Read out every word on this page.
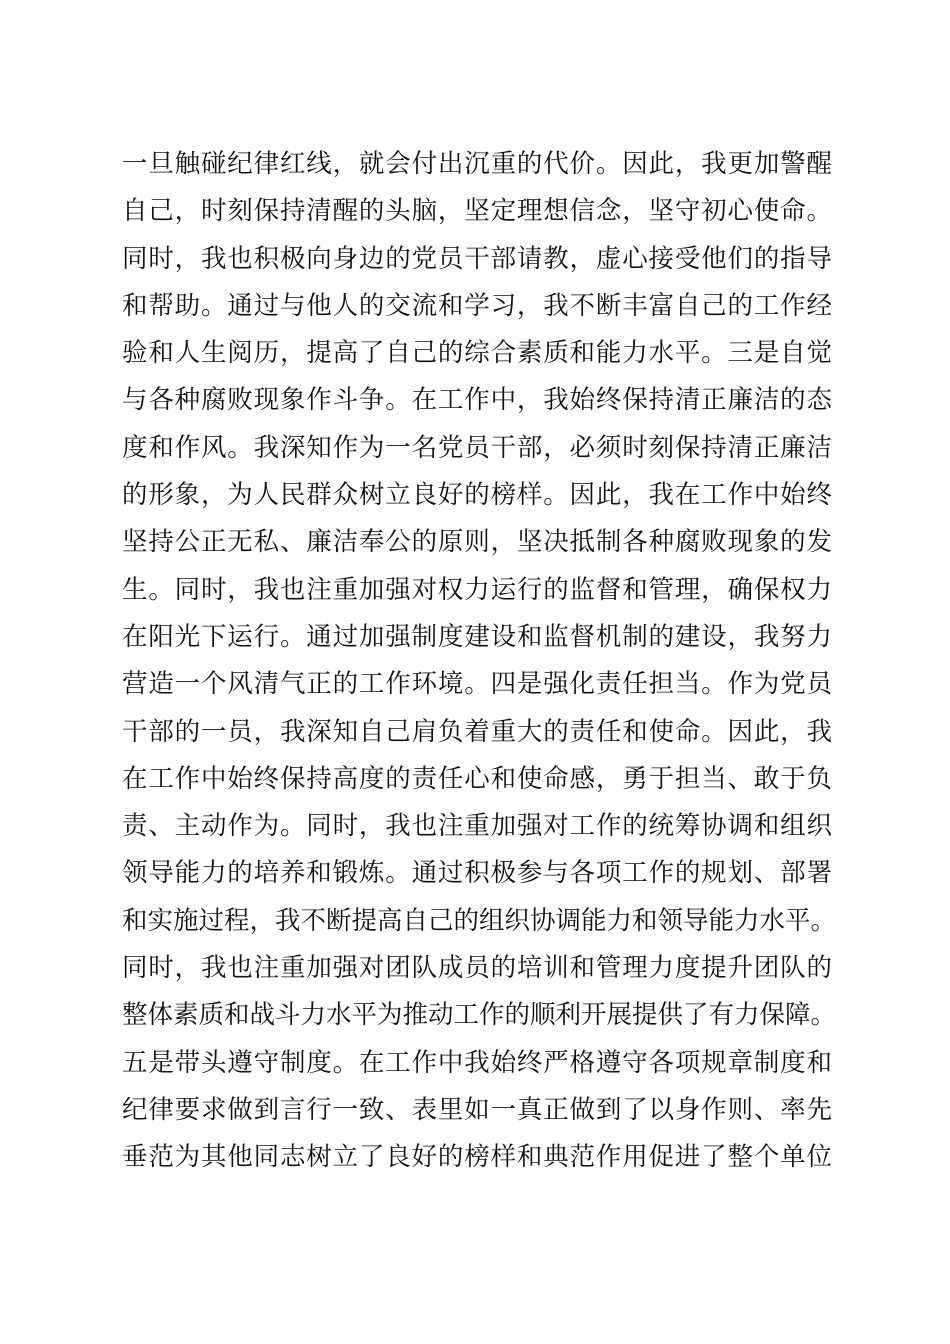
一旦触碰纪律红线，就会付出沉重的代价。因此，我更加警醒
自己，时刻保持清醒的头脑，坚定理想信念，坚守初心使命。
同时，我也积极向身边的党员干部请教，虚心接受他们的指导
和帮助。通过与他人的交流和学习，我不断丰富自己的工作经
验和人生阅历，提高了自己的综合素质和能力水平。三是自觉
与各种腐败现象作斗争。在工作中，我始终保持清正廉洁的态
度和作风。我深知作为一名党员干部，必须时刻保持清正廉洁
的形象，为人民群众树立良好的榜样。因此，我在工作中始终
坚持公正无私、廉洁奉公的原则，坚决抵制各种腐败现象的发
生。同时，我也注重加强对权力运行的监督和管理，确保权力
在阳光下运行。通过加强制度建设和监督机制的建设，我努力
营造一个风清气正的工作环境。四是强化责任担当。作为党员
干部的一员，我深知自己肩负着重大的责任和使命。因此，我
在工作中始终保持高度的责任心和使命感，勇于担当、敢于负
责、主动作为。同时，我也注重加强对工作的统筹协调和组织
领导能力的培养和锻炼。通过积极参与各项工作的规划、部署
和实施过程，我不断提高自己的组织协调能力和领导能力水平。
同时，我也注重加强对团队成员的培训和管理力度提升团队的
整体素质和战斗力水平为推动工作的顺利开展提供了有力保障。
五是带头遵守制度。在工作中我始终严格遵守各项规章制度和
纪律要求做到言行一致、表里如一真正做到了以身作则、率先
垂范为其他同志树立了良好的榜样和典范作用促进了整个单位
